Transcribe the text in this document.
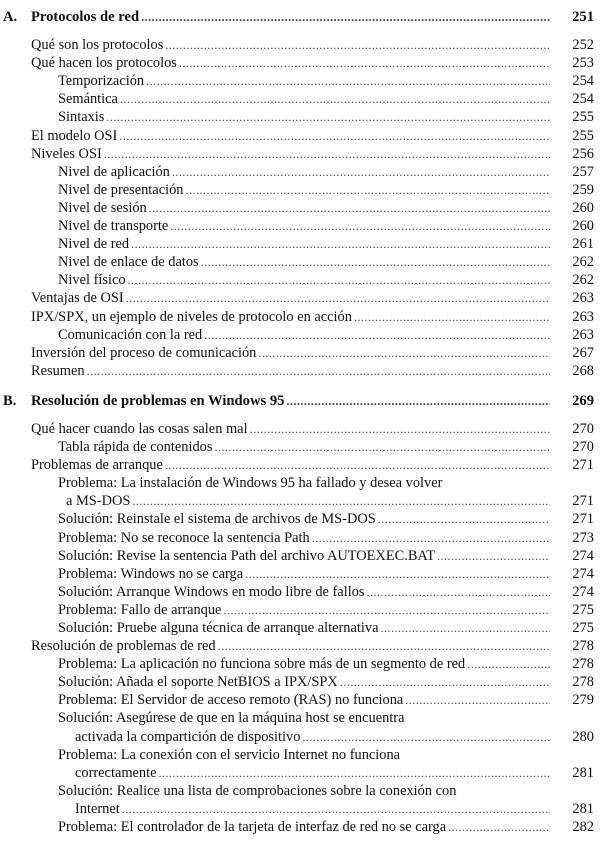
A. Protocolos de red .....	251
Qué son los protocolos .....	252
Qué hacen los protocolos .....	253
Temporización .....	254
Semántica .....	254
Sintaxis .....	255
El modelo OSI .....	255
Niveles OSI .....	256
Nivel de aplicación .....	257
Nivel de presentación .....	259
Nivel de sesión .....	260
Nivel de transporte .....	260
Nivel de red .....	261
Nivel de enlace de datos .....	262
Nivel físico .....	262
Ventajas de OSI .....	263
IPX/SPX, un ejemplo de niveles de protocolo en acción .....	263
Comunicación con la red .....	263
Inversión del proceso de comunicación .....	267
Resumen .....	268
B. Resolución de problemas en Windows 95 .....	269
Qué hacer cuando las cosas salen mal .....	270
Tabla rápida de contenidos .....	270
Problemas de arranque .....	271
Problema: La instalación de Windows 95 ha fallado y desea volver
a MS-DOS .....	271
Solución: Reinstale el sistema de archivos de MS-DOS .....	271
Problema: No se reconoce la sentencia Path .....	273
Solución: Revise la sentencia Path del archivo AUTOEXEC.BAT .....	274
Problema: Windows no se carga .....	274
Solución: Arranque Windows en modo libre de fallos .....	274
Problema: Fallo de arranque .....	275
Solución: Pruebe alguna técnica de arranque alternativa .....	275
Resolución de problemas de red .....	278
Problema: La aplicación no funciona sobre más de un segmento de red .....	278
Solución: Añada el soporte NetBIOS a IPX/SPX .....	278
Problema: El Servidor de acceso remoto (RAS) no funciona .....	279
Solución: Asegúrese de que en la máquina host se encuentra
activada la compartición de dispositivo .....	280
Problema: La conexión con el servicio Internet no funciona
correctamente .....	281
Solución: Realice una lista de comprobaciones sobre la conexión con
Internet .....	281
Problema: El controlador de la tarjeta de interfaz de red no se carga .....	282
